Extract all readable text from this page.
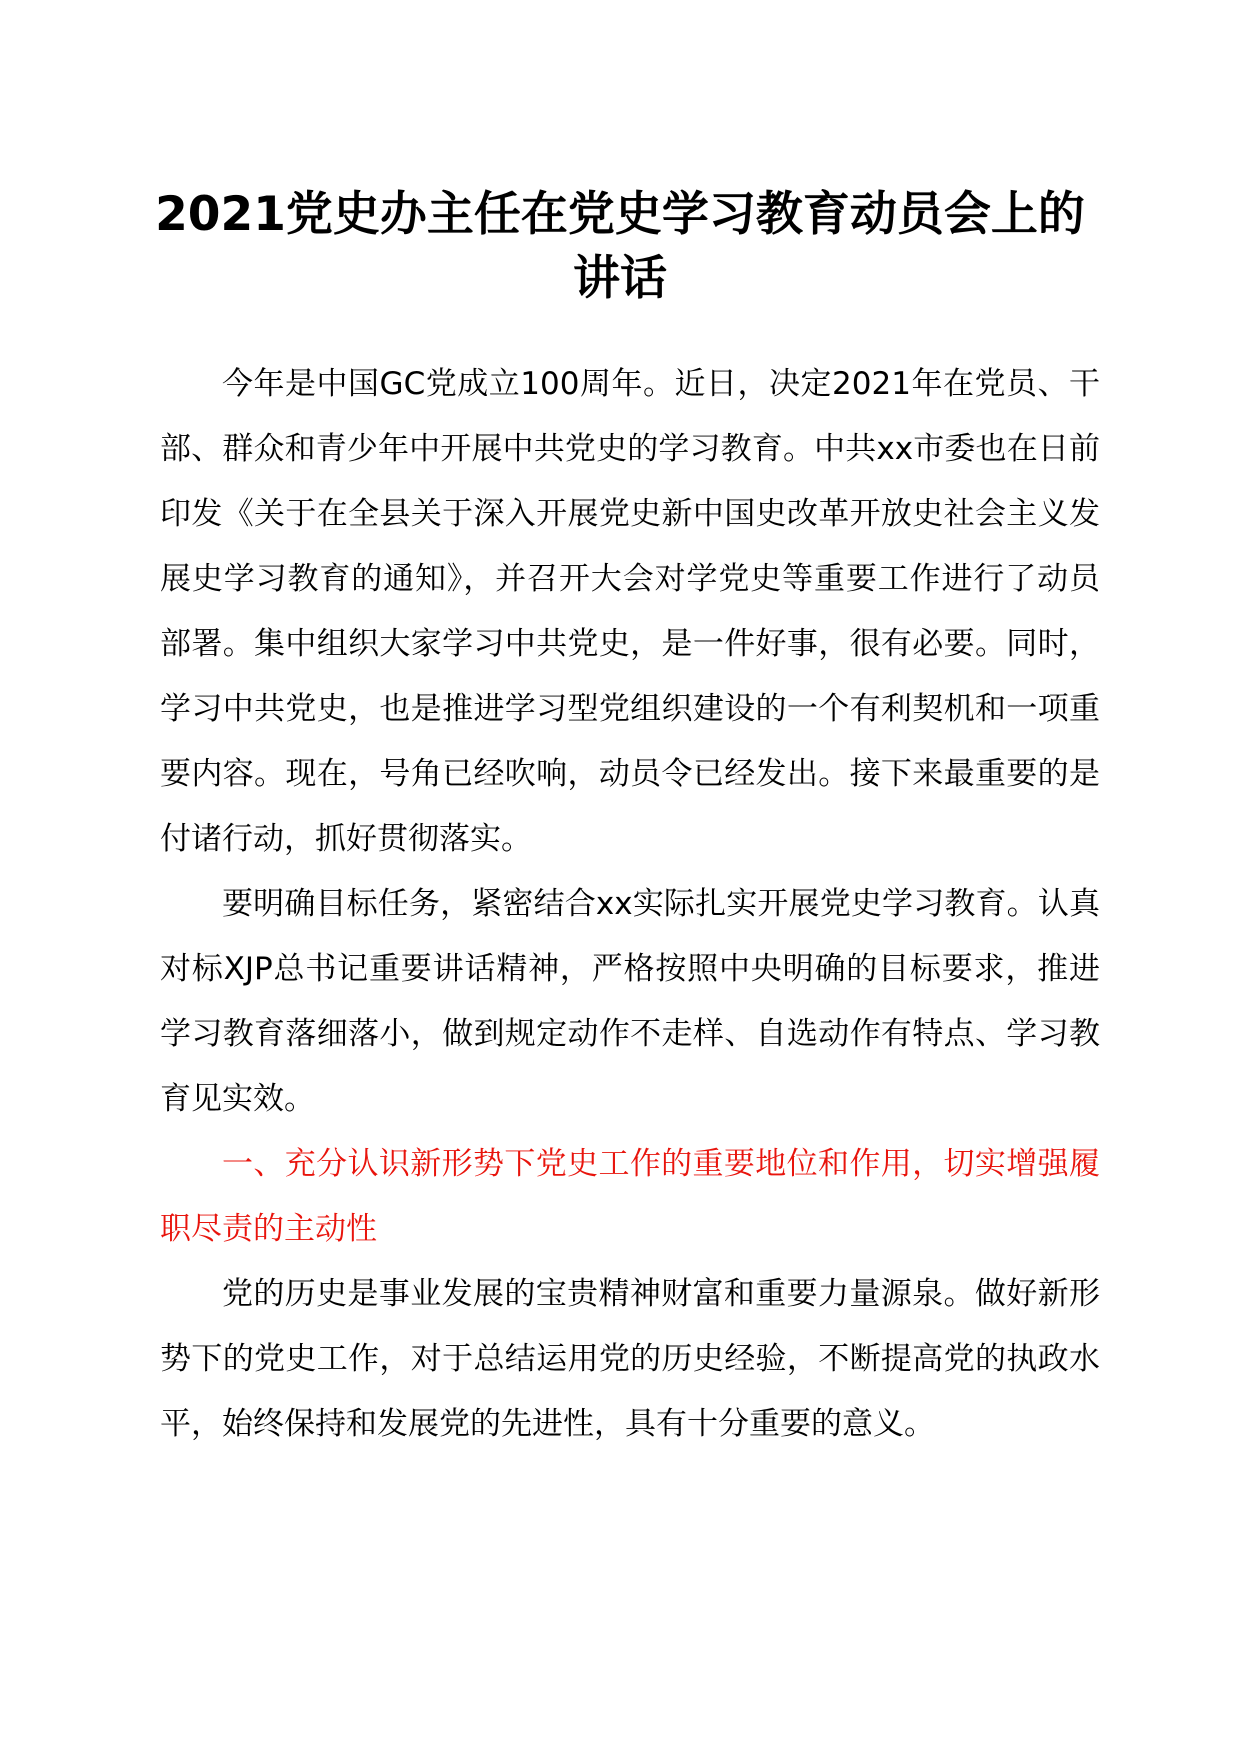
2021党史办主任在党史学习教育动员会上的讲话

今年是中国GC党成立100周年。近日，决定2021年在党员、干部、群众和青少年中开展中共党史的学习教育。中共xx市委也在日前印发《关于在全县关于深入开展党史新中国史改革开放史社会主义发展史学习教育的通知》，并召开大会对学党史等重要工作进行了动员部署。集中组织大家学习中共党史，是一件好事，很有必要。同时，学习中共党史，也是推进学习型党组织建设的一个有利契机和一项重要内容。现在，号角已经吹响，动员令已经发出。接下来最重要的是付诸行动，抓好贯彻落实。

要明确目标任务，紧密结合xx实际扎实开展党史学习教育。认真对标XJP总书记重要讲话精神，严格按照中央明确的目标要求，推进学习教育落细落小，做到规定动作不走样、自选动作有特点、学习教育见实效。

一、充分认识新形势下党史工作的重要地位和作用，切实增强履职尽责的主动性

党的历史是事业发展的宝贵精神财富和重要力量源泉。做好新形势下的党史工作，对于总结运用党的历史经验，不断提高党的执政水平，始终保持和发展党的先进性，具有十分重要的意义。
